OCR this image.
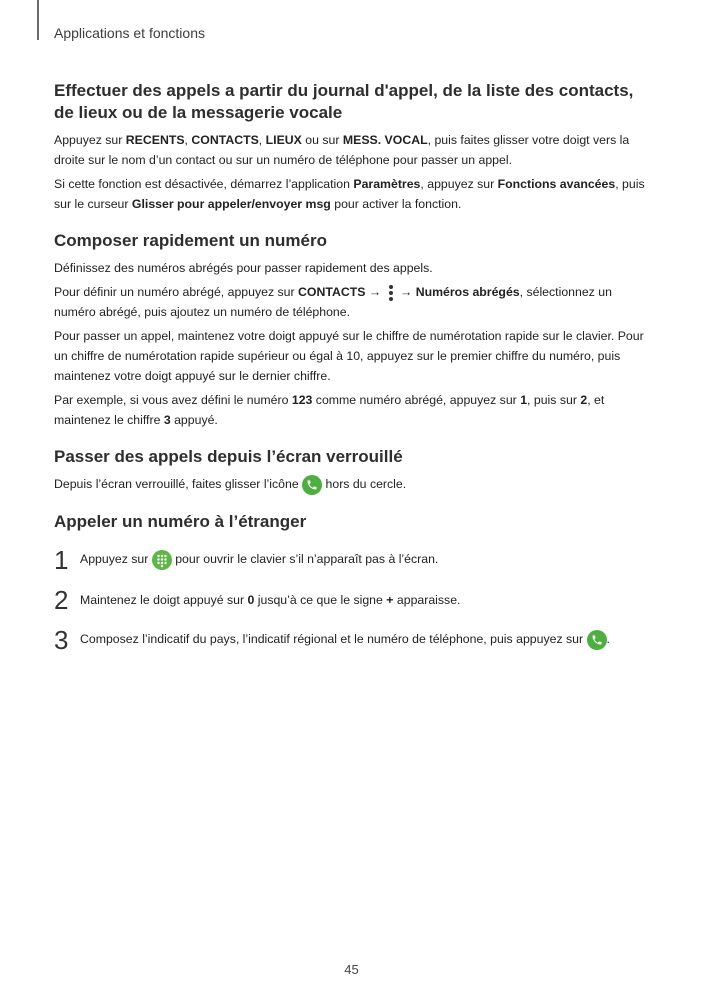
Applications et fonctions
Effectuer des appels a partir du journal d'appel, de la liste des contacts, de lieux ou de la messagerie vocale

Appuyez sur RECENTS, CONTACTS, LIEUX ou sur MESS. VOCAL, puis faites glisser votre doigt vers la droite sur le nom d’un contact ou sur un numéro de téléphone pour passer un appel.

Si cette fonction est désactivée, démarrez l’application Paramètres, appuyez sur Fonctions avancées, puis sur le curseur Glisser pour appeler/envoyer msg pour activer la fonction.

Composer rapidement un numéro

Définissez des numéros abrégés pour passer rapidement des appels.

Pour définir un numéro abrégé, appuyez sur CONTACTS →
→ Numéros abrégés, sélectionnez un numéro abrégé, puis ajoutez un numéro de téléphone.

Pour passer un appel, maintenez votre doigt appuyé sur le chiffre de numérotation rapide sur le clavier. Pour un chiffre de numérotation rapide supérieur ou égal à 10, appuyez sur le premier chiffre du numéro, puis maintenez votre doigt appuyé sur le dernier chiffre.

Par exemple, si vous avez défini le numéro 123 comme numéro abrégé, appuyez sur 1, puis sur 2, et maintenez le chiffre 3 appuyé.

Passer des appels depuis l’écran verrouillé

Depuis l’écran verrouillé, faites glisser l’icône
hors du cercle.

Appeler un numéro à l’étranger
1 Appuyez sur  pour ouvrir le clavier s’il n’apparaît pas à l’écran.
2 Maintenez le doigt appuyé sur 0 jusqu’à ce que le signe + apparaisse.
3 Composez l’indicatif du pays, l’indicatif régional et le numéro de téléphone, puis appuyez sur
.
45
